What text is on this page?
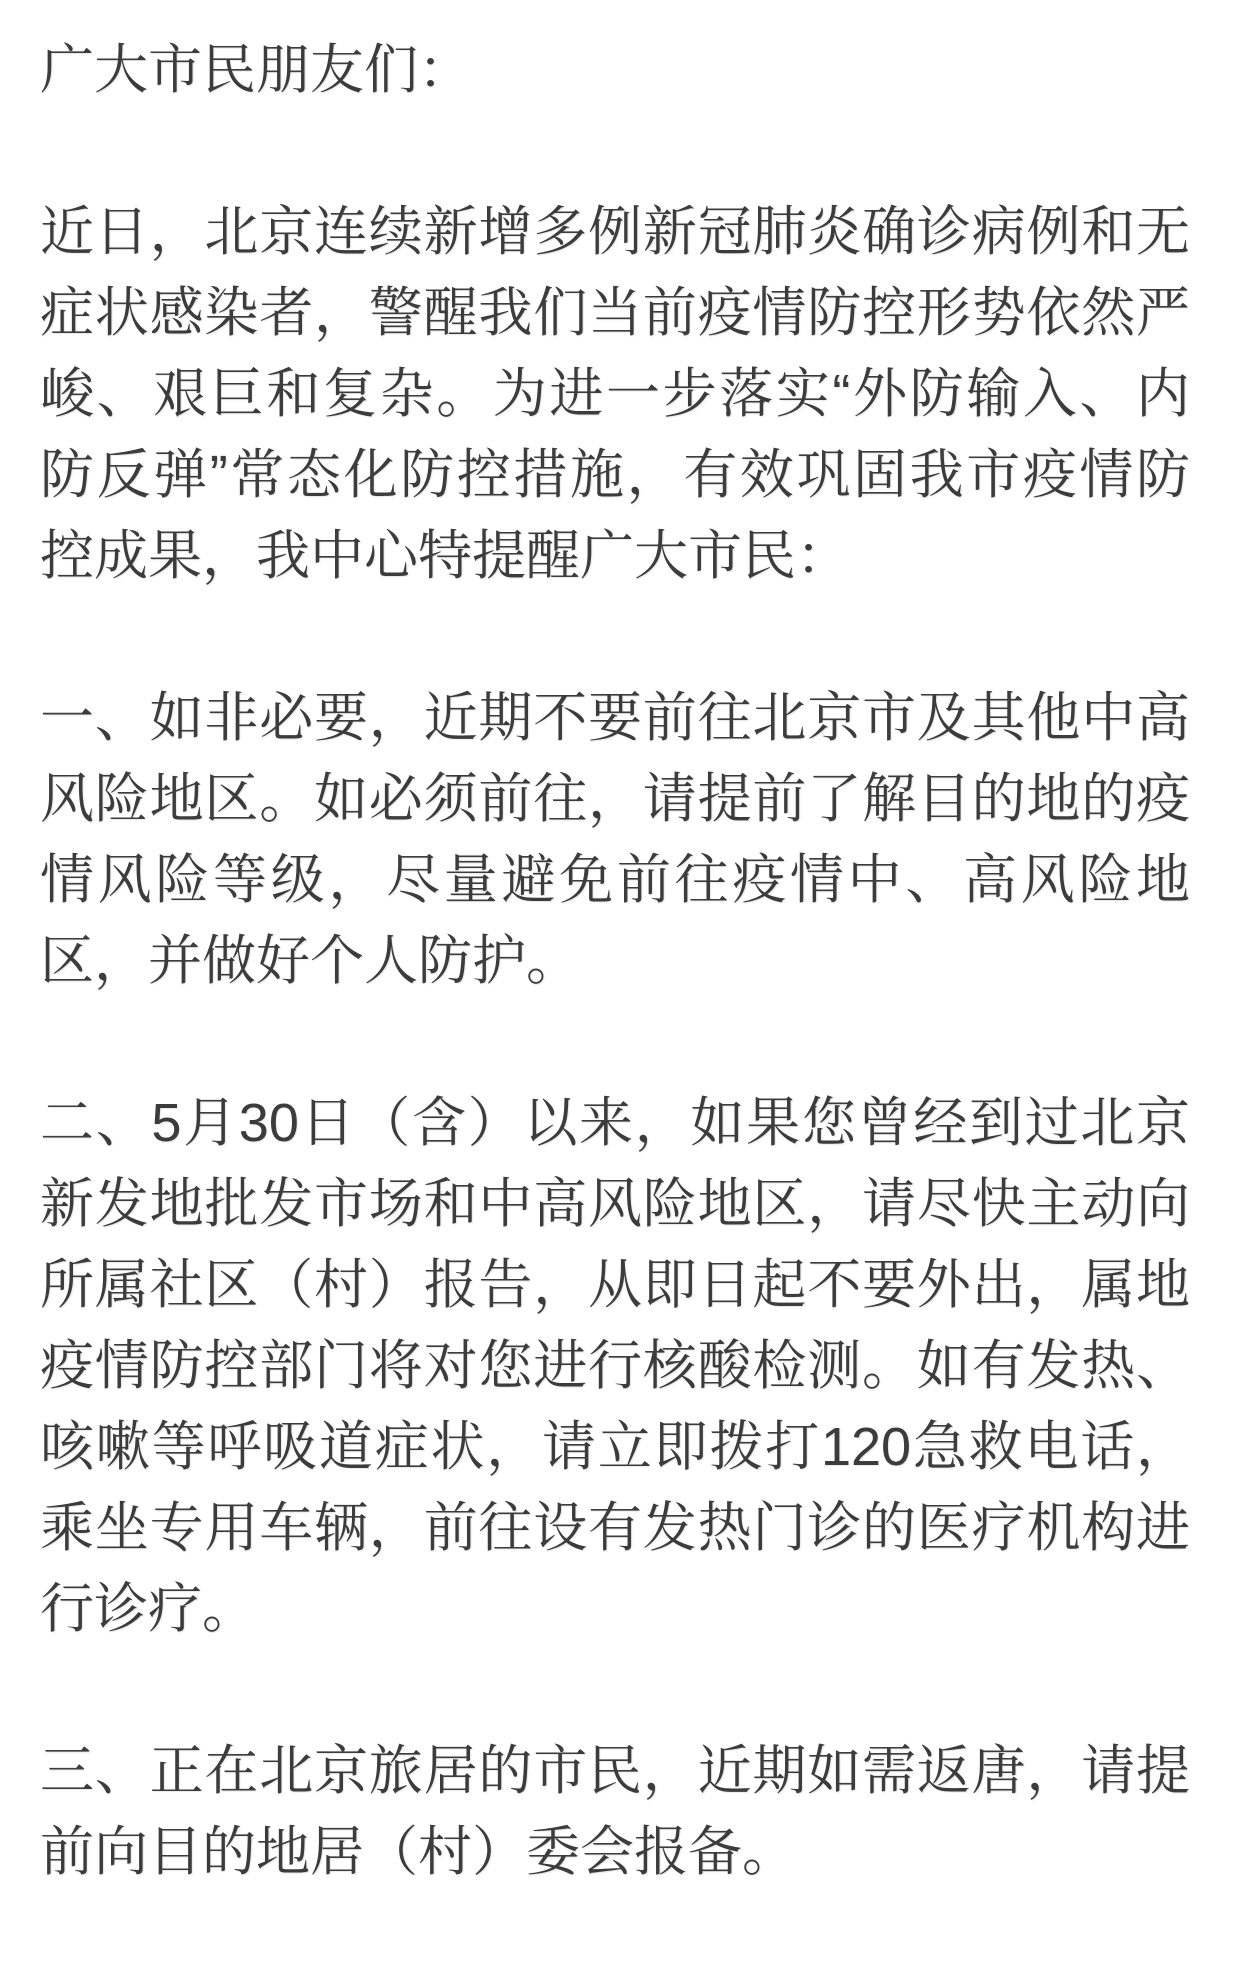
广大市民朋友们：

近日，北京连续新增多例新冠肺炎确诊病例和无症状感染者，警醒我们当前疫情防控形势依然严峻、艰巨和复杂。为进一步落实“外防输入、内防反弹”常态化防控措施，有效巩固我市疫情防控成果，我中心特提醒广大市民：

一、如非必要，近期不要前往北京市及其他中高风险地区。如必须前往，请提前了解目的地的疫情风险等级，尽量避免前往疫情中、高风险地区，并做好个人防护。

二、5月30日（含）以来，如果您曾经到过北京新发地批发市场和中高风险地区，请尽快主动向所属社区（村）报告，从即日起不要外出，属地疫情防控部门将对您进行核酸检测。如有发热、咳嗽等呼吸道症状，请立即拨打120急救电话，乘坐专用车辆，前往设有发热门诊的医疗机构进行诊疗。

三、正在北京旅居的市民，近期如需返唐，请提前向目的地居（村）委会报备。
